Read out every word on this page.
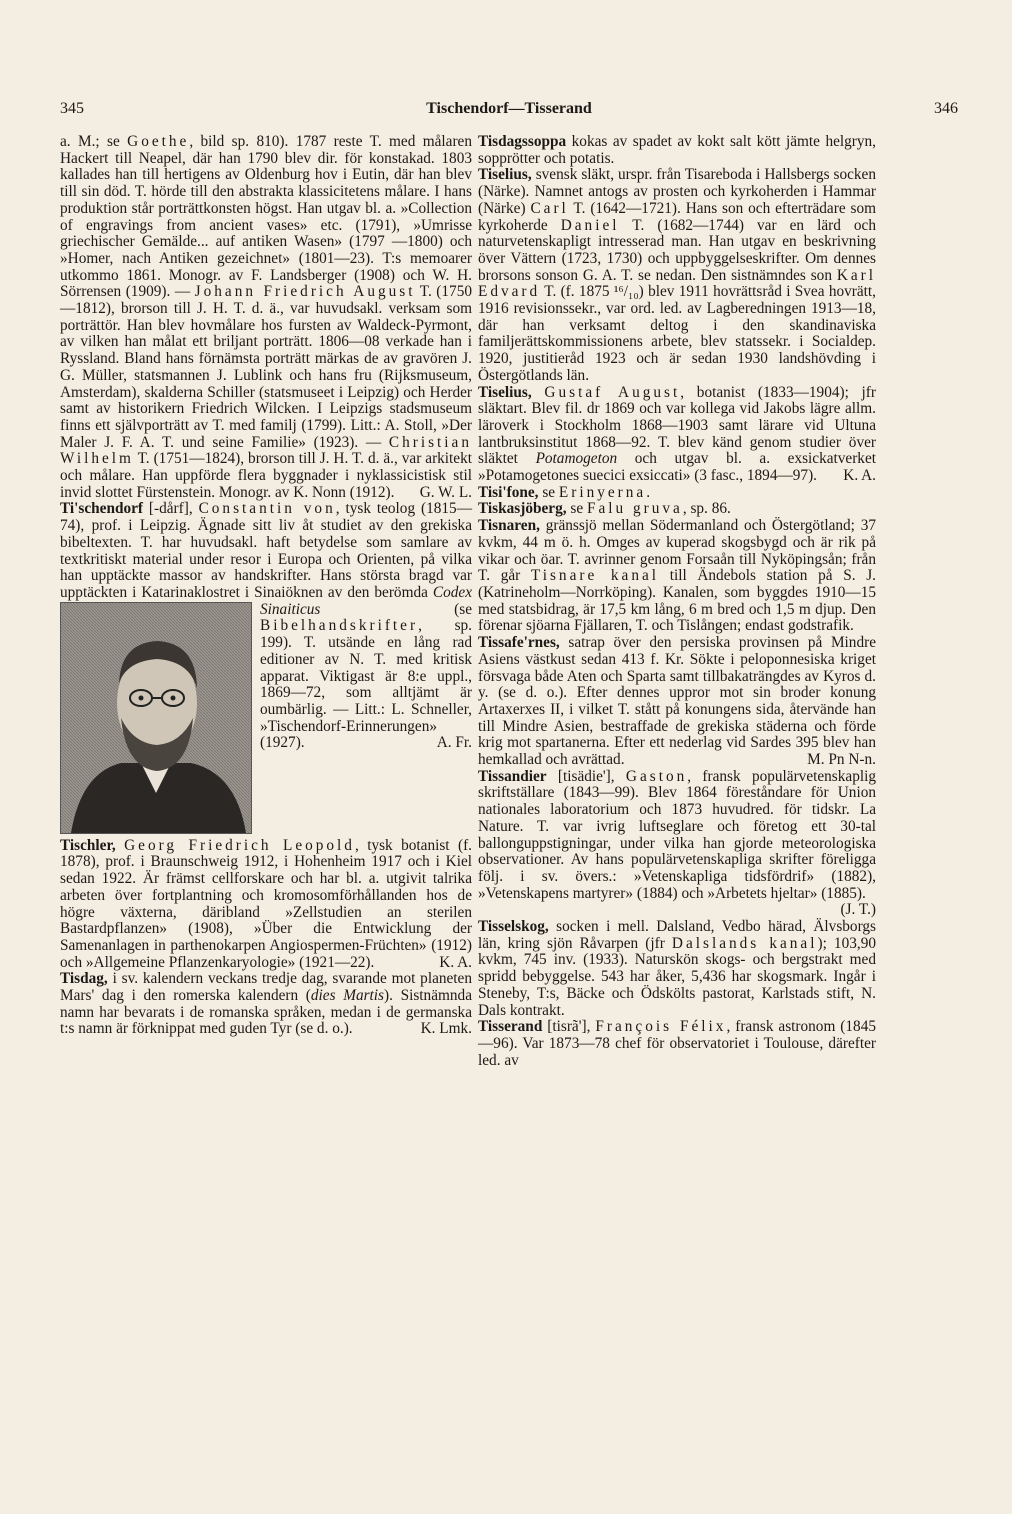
345	Tischendorf—Tisserand	346

a. M.; se Goethe, bild sp. 810). 1787 reste T. med målaren Hackert till Neapel, där han 1790 blev dir. för konstakad. 1803 kallades han till hertigens av Oldenburg hov i Eutin, där han blev till sin död. T. hörde till den abstrakta klassicitetens målare. I hans produktion står porträttkonsten högst. Han utgav bl. a. »Collection of engravings from ancient vases» etc. (1791), »Umrisse griechischer Gemälde... auf antiken Wasen» (1797 —1800) och »Homer, nach Antiken gezeichnet» (1801—23). T:s memoarer utkommo 1861. Monogr. av F. Landsberger (1908) och W. H. Sörrensen (1909). — Johann Friedrich August T. (1750—1812), brorson till J. H. T. d. ä., var huvudsakl. verksam som porträttör. Han blev hovmålare hos fursten av Waldeck-Pyrmont, av vilken han målat ett briljant porträtt. 1806—08 verkade han i Ryssland. Bland hans förnämsta porträtt märkas de av gravören J. G. Müller, statsmannen J. Lublink och hans fru (Rijksmuseum, Amsterdam), skalderna Schiller (statsmuseet i Leipzig) och Herder samt av historikern Friedrich Wilcken. I Leipzigs stadsmuseum finns ett självporträtt av T. med familj (1799). Litt.: A. Stoll, »Der Maler J. F. A. T. und seine Familie» (1923). — Christian Wilhelm T. (1751—1824), brorson till J. H. T. d. ä., var arkitekt och målare. Han uppförde flera byggnader i nyklassicistisk stil invid slottet Fürstenstein. Monogr. av K. Nonn (1912). G. W. L.

Ti'schendorf [-dårf], Constantin von, tysk teolog (1815—74), prof. i Leipzig. Ägnade sitt liv åt studiet av den grekiska bibeltexten. T. har huvudsakl. haft betydelse som samlare av textkritiskt material under resor i Europa och Orienten, på vilka han upptäckte massor av handskrifter. Hans största bragd var upptäckten i Katarinaklostret i Sinaiöknen av den berömda
Codex Sinaiticus (se Bibelhandskrifter, sp. 199). T. utsände en lång rad editioner av N. T. med kritisk apparat. Viktigast är 8:e uppl., 1869—72, som alltjämt är oumbärlig. — Litt.: L. Schneller, »Tischendorf-Erinnerungen» (1927).	A. Fr.

Tischler, Georg Friedrich Leopold, tysk botanist (f. 1878), prof. i Braunschweig 1912, i Hohenheim 1917 och i Kiel sedan 1922. Är främst cellforskare och har bl. a. utgivit talrika arbeten över fortplantning och kromosomförhållanden hos de högre växterna, däribland »Zellstudien an sterilen Bastardpflanzen» (1908), »Über die Entwicklung der Samenanlagen in parthenokarpen Angiospermen-Früchten» (1912) och »Allgemeine Pflanzenkaryologie» (1921—22).	K. A.

Tisdag, i sv. kalendern veckans tredje dag, svarande mot planeten Mars' dag i den romerska kalendern (dies Martis). Sistnämnda namn har bevarats i de romanska språken, medan i de germanska t:s namn är förknippat med guden Tyr (se d. o.).	K. Lmk.

Tisdagssoppa kokas av spadet av kokt salt kött jämte helgryn, sopprötter och potatis.

Tiselius, svensk släkt, urspr. från Tisareboda i Hallsbergs socken (Närke). Namnet antogs av prosten och kyrkoherden i Hammar (Närke) Carl T. (1642—1721). Hans son och efterträdare som kyrkoherde Daniel T. (1682—1744) var en lärd och naturvetenskapligt intresserad man. Han utgav en beskrivning över Vättern (1723, 1730) och uppbyggelseskrifter. Om dennes brorsons sonson G. A. T. se nedan. Den sistnämndes son Karl Edvard T. (f. 1875 ¹⁶/₁₀) blev 1911 hovrättsråd i Svea hovrätt, 1916 revisionssekr., var ord. led. av Lagberedningen 1913—18, där han verksamt deltog i den skandinaviska familjerättskommissionens arbete, blev statssekr. i Socialdep. 1920, justitieråd 1923 och är sedan 1930 landshövding i Östergötlands län.

Tiselius, Gustaf August, botanist (1833—1904); jfr släktart. Blev fil. dr 1869 och var kollega vid Jakobs lägre allm. läroverk i Stockholm 1868—1903 samt lärare vid Ultuna lantbruksinstitut 1868—92. T. blev känd genom studier över släktet Potamogeton och utgav bl. a. exsickatverket »Potamogetones suecici exsiccati» (3 fasc., 1894—97). K. A.

Tisi'fone, se Erinyerna.

Tiskasjöberg, se Falu gruva, sp. 86.

Tisnaren, gränssjö mellan Södermanland och Östergötland; 37 kvkm, 44 m ö. h. Omges av kuperad skogsbygd och är rik på vikar och öar. T. avrinner genom Forsaån till Nyköpingsån; från T. går Tisnare kanal till Ändebols station på S. J. (Katrineholm—Norrköping). Kanalen, som byggdes 1910—15 med statsbidrag, är 17,5 km lång, 6 m bred och 1,5 m djup. Den förenar sjöarna Fjällaren, T. och Tislången; endast godstrafik.

Tissafe'rnes, satrap över den persiska provinsen på Mindre Asiens västkust sedan 413 f. Kr. Sökte i peloponnesiska kriget försvaga både Aten och Sparta samt tillbakaträngdes av Kyros d. y. (se d. o.). Efter dennes uppror mot sin broder konung Artaxerxes II, i vilket T. stått på konungens sida, återvände han till Mindre Asien, bestraffade de grekiska städerna och förde krig mot spartanerna. Efter ett nederlag vid Sardes 395 blev han hemkallad och avrättad.	M. Pn N-n.

Tissandier [tisädie'], Gaston, fransk populärvetenskaplig skriftställare (1843—99). Blev 1864 föreståndare för Union nationales laboratorium och 1873 huvudred. för tidskr. La Nature. T. var ivrig luftseglare och företog ett 30-tal ballonguppstigningar, under vilka han gjorde meteorologiska observationer. Av hans populärvetenskapliga skrifter föreligga följ. i sv. övers.: »Vetenskapliga tidsfördrif» (1882), »Vetenskapens martyrer» (1884) och »Arbetets hjeltar» (1885).
(J. T.)

Tisselskog, socken i mell. Dalsland, Vedbo härad, Älvsborgs län, kring sjön Råvarpen (jfr Dalslands kanal); 103,90 kvkm, 745 inv. (1933). Naturskön skogs- och bergstrakt med spridd bebyggelse. 543 har åker, 5,436 har skogsmark. Ingår i Steneby, T:s, Bäcke och Ödskölts pastorat, Karlstads stift, N. Dals kontrakt.

Tisserand [tisrã'], François Félix, fransk astronom (1845—96). Var 1873—78 chef för observatoriet i Toulouse, därefter led. av
